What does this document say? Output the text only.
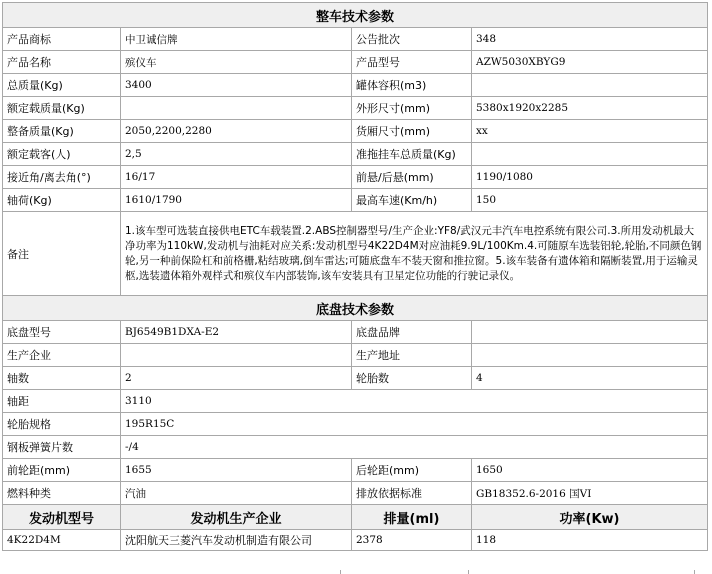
整车技术参数			
产品商标	中卫诚信牌	公告批次	348
产品名称	殡仪车	产品型号	AZW5030XBYG9
总质量(Kg)	3400	罐体容积(m3)	
额定载质量(Kg)		外形尺寸(mm)	5380x1920x2285
整备质量(Kg)	2050,2200,2280	货厢尺寸(mm)	xx
额定载客(人)	2,5	准拖挂车总质量(Kg)	
接近角/离去角(°)	16/17	前悬/后悬(mm)	1190/1080
轴荷(Kg)	1610/1790	最高车速(Km/h)	150
备注	1.该车型可选装直接供电ETC车载装置.2.ABS控制器型号/生产企业:YF8/武汉元丰汽车电控系统有限公司.3.所用发动机最大净功率为110kW,发动机与油耗对应关系:发动机型号4K22D4M对应油耗9.9L/100Km.4.可随原车选装铝轮,轮胎,不同颜色钢轮,另一种前保险杠和前格栅,粘结玻璃,倒车雷达;可随底盘车不装天窗和推拉窗。5.该车装备有遗体箱和隔断装置,用于运输灵柩,选装遗体箱外观样式和殡仪车内部装饰,该车安装具有卫星定位功能的行驶记录仪。		
底盘技术参数			
底盘型号	BJ6549B1DXA-E2	底盘品牌	
生产企业		生产地址	
轴数	2	轮胎数	4
轴距	3110		
轮胎规格	195R15C		
钢板弹簧片数	-/4		
前轮距(mm)	1655	后轮距(mm)	1650
燃料种类	汽油	排放依据标准	GB18352.6-2016 国VI
发动机型号	发动机生产企业	排量(ml)	功率(Kw)
4K22D4M	沈阳航天三菱汽车发动机制造有限公司	2378	118
